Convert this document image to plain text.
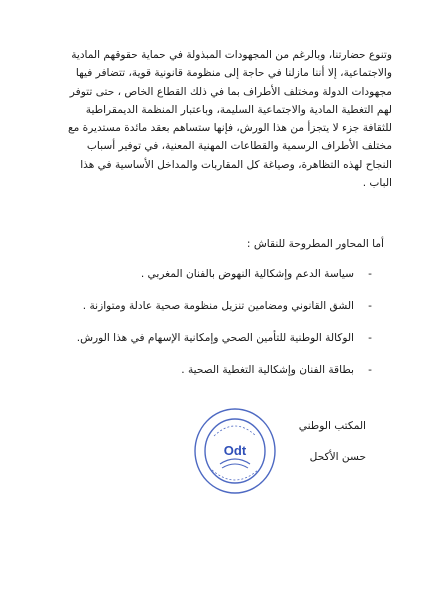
وتنوع حضارتنا، وبالرغم من المجهودات المبذولة في حماية حقوقهم المادية
والاجتماعية، إلا أننا مازلنا في حاجة إلى منظومة قانونية قوية، تتضافر فيها
مجهودات الدولة ومختلف الأطراف بما في ذلك القطاع الخاص ، حتى تتوفر
لهم التغطية المادية والاجتماعية السليمة، وباعتبار المنظمة الديمقراطية
للثقافة جزء لا يتجزأ من هذا الورش، فإنها ستساهم بعقد مائدة مستديرة مع
مختلف الأطراف الرسمية والقطاعات المهنية المعنية، في توفير أسباب
النجاح لهذه التظاهرة، وصياغة كل المقاربات والمداخل الأساسية في هذا
الباب .
أما المحاور المطروحة للنقاش :
-
سياسة الدعم وإشكالية النهوض بالفنان المغربي .
-
الشق القانوني ومضامين تنزيل منظومة صحية عادلة ومتوازنة .
-
الوكالة الوطنية للتأمين الصحي وإمكانية الإسهام في هذا الورش.
-
بطاقة الفنان وإشكالية التغطية الصحية .
المكتب الوطني
حسن الأكحل
Odt
